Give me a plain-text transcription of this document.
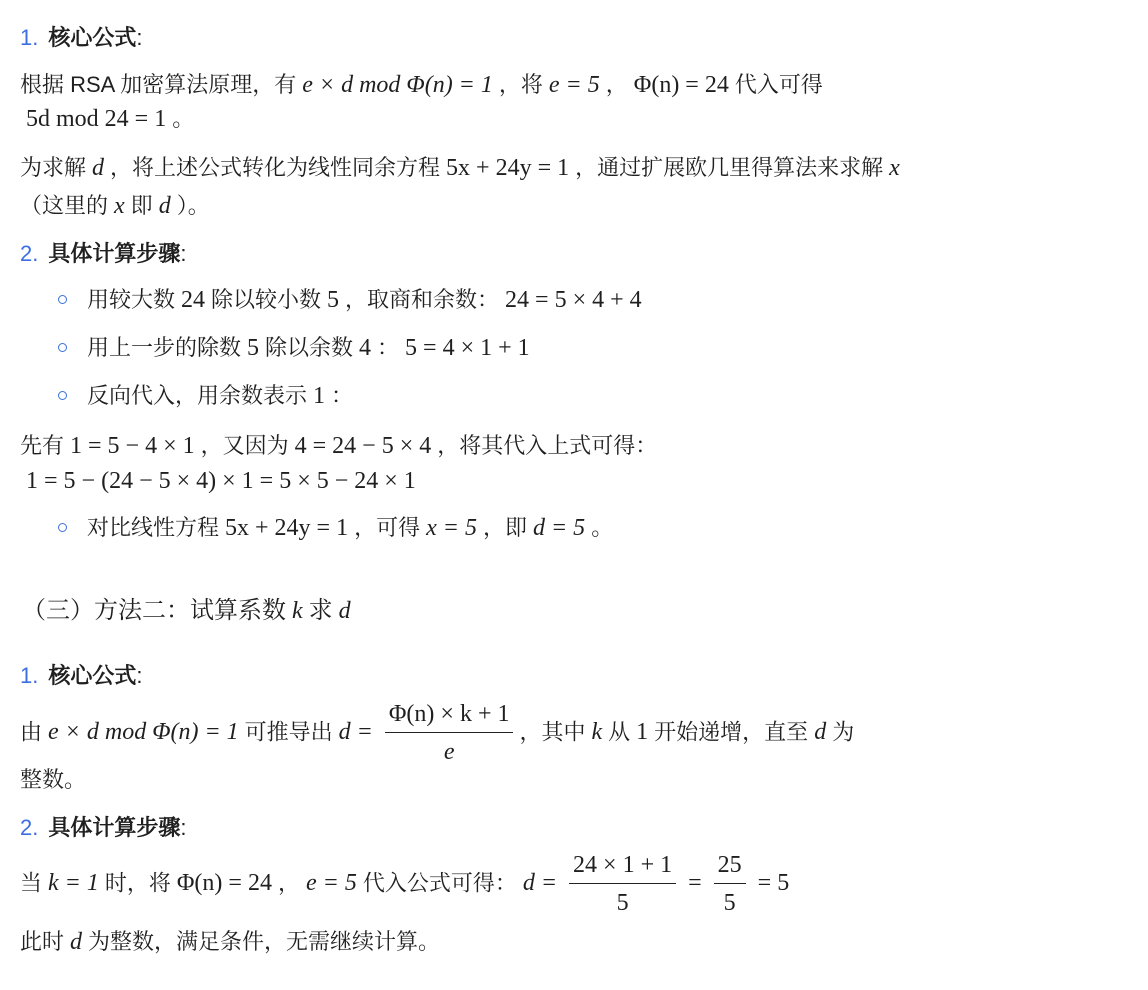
1. 核心公式:
根据 RSA 加密算法原理，有 e × d mod Φ(n) = 1 ，将 e = 5 ， Φ(n) = 24 代入可得
5d mod 24 = 1 。
为求解 d ，将上述公式转化为线性同余方程 5x + 24y = 1 ，通过扩展欧几里得算法来求解 x
（这里的 x 即 d ）。
2. 具体计算步骤:
用较大数 24 除以较小数 5 ，取商和余数： 24 = 5 × 4 + 4
用上一步的除数 5 除以余数 4 ： 5 = 4 × 1 + 1
反向代入，用余数表示 1 ：
先有 1 = 5 − 4 × 1 ，又因为 4 = 24 − 5 × 4 ，将其代入上式可得：
1 = 5 − (24 − 5 × 4) × 1 = 5 × 5 − 24 × 1
对比线性方程 5x + 24y = 1 ，可得 x = 5 ，即 d = 5 。
（三）方法二：试算系数 k 求 d
1. 核心公式:
由 e × d mod Φ(n) = 1 可推导出 $d = \frac{\Phi(n) \times k + 1}{e}$ ，其中 k 从 1 开始递增，直至 d 为
整数。
2. 具体计算步骤:
当 k = 1 时，将 Φ(n) = 24 ， e = 5 代入公式可得： $d = \frac{24 \times 1 + 1}{5} = \frac{25}{5} = 5$
此时 d 为整数，满足条件，无需继续计算。
